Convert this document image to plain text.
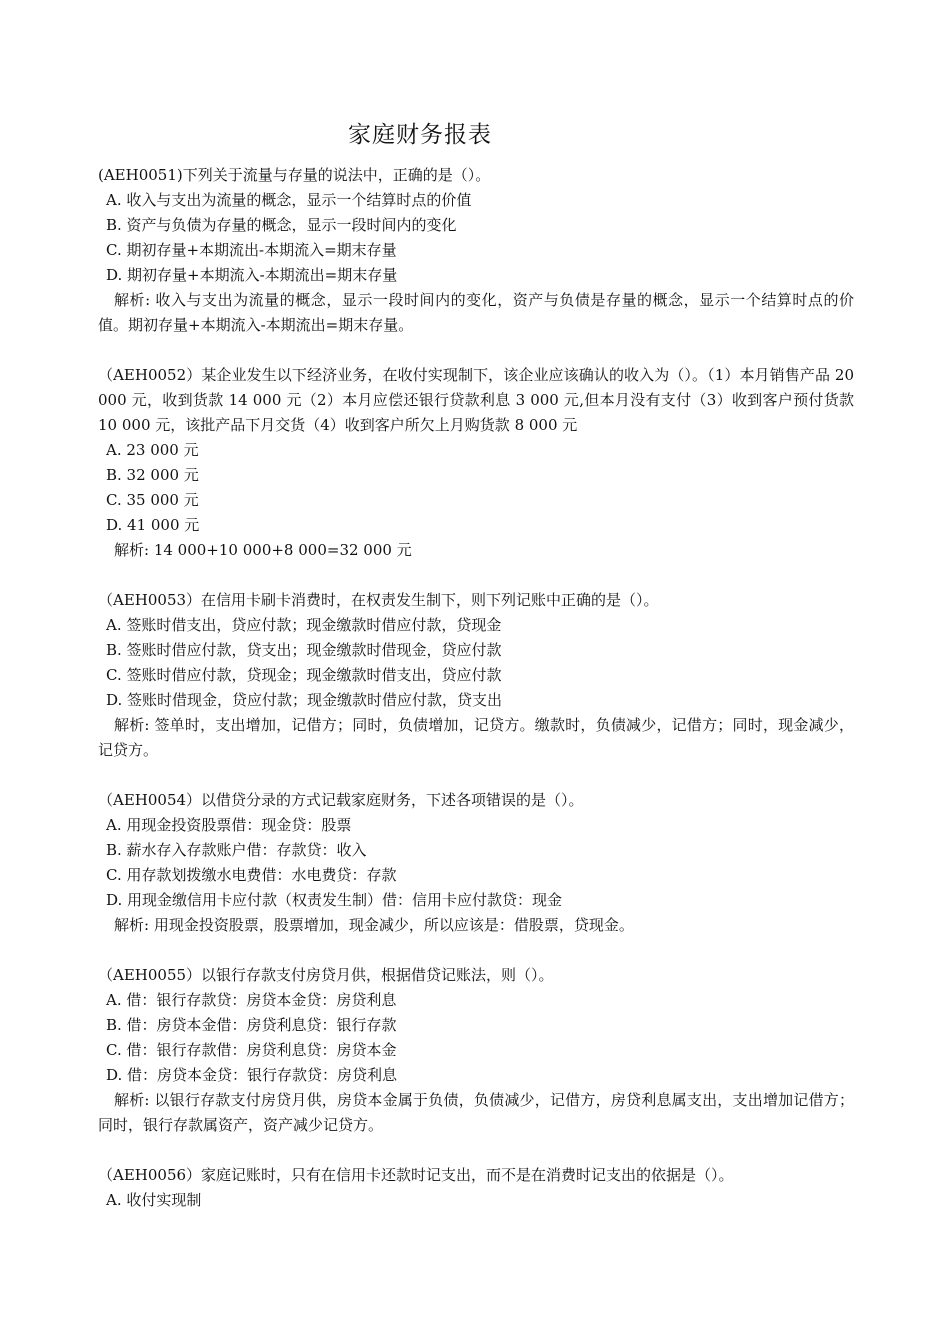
家庭财务报表
(AEH0051)下列关于流量与存量的说法中，正确的是（）。
A. 收入与支出为流量的概念，显示一个结算时点的价值
B. 资产与负债为存量的概念，显示一段时间内的变化
C. 期初存量+本期流出-本期流入=期末存量
D. 期初存量+本期流入-本期流出=期末存量
解析: 收入与支出为流量的概念，显示一段时间内的变化，资产与负债是存量的概念，显示一个结算时点的价值。期初存量+本期流入-本期流出=期末存量。
（AEH0052）某企业发生以下经济业务，在收付实现制下，该企业应该确认的收入为（）。（1）本月销售产品 20 000 元，收到货款 14 000 元（2）本月应偿还银行贷款利息 3 000 元,但本月没有支付（3）收到客户预付货款 10 000 元，该批产品下月交货（4）收到客户所欠上月购货款 8 000 元
A. 23 000 元
B. 32 000 元
C. 35 000 元
D. 41 000 元
解析: 14 000+10 000+8 000=32 000 元
（AEH0053）在信用卡刷卡消费时，在权责发生制下，则下列记账中正确的是（）。
A. 签账时借支出，贷应付款；现金缴款时借应付款，贷现金
B. 签账时借应付款，贷支出；现金缴款时借现金，贷应付款
C. 签账时借应付款，贷现金；现金缴款时借支出，贷应付款
D. 签账时借现金，贷应付款；现金缴款时借应付款，贷支出
解析: 签单时，支出增加，记借方；同时，负债增加，记贷方。缴款时，负债减少，记借方；同时，现金减少，记贷方。
（AEH0054）以借贷分录的方式记载家庭财务，下述各项错误的是（）。
A. 用现金投资股票借：现金贷：股票
B. 薪水存入存款账户借：存款贷：收入
C. 用存款划拨缴水电费借：水电费贷：存款
D. 用现金缴信用卡应付款（权责发生制）借：信用卡应付款贷：现金
解析: 用现金投资股票，股票增加，现金减少，所以应该是：借股票，贷现金。
（AEH0055）以银行存款支付房贷月供，根据借贷记账法，则（）。
A. 借：银行存款贷：房贷本金贷：房贷利息
B. 借：房贷本金借：房贷利息贷：银行存款
C. 借：银行存款借：房贷利息贷：房贷本金
D. 借：房贷本金贷：银行存款贷：房贷利息
解析: 以银行存款支付房贷月供，房贷本金属于负债，负债减少，记借方，房贷利息属支出，支出增加记借方；同时，银行存款属资产，资产减少记贷方。
（AEH0056）家庭记账时，只有在信用卡还款时记支出，而不是在消费时记支出的依据是（）。
A. 收付实现制
